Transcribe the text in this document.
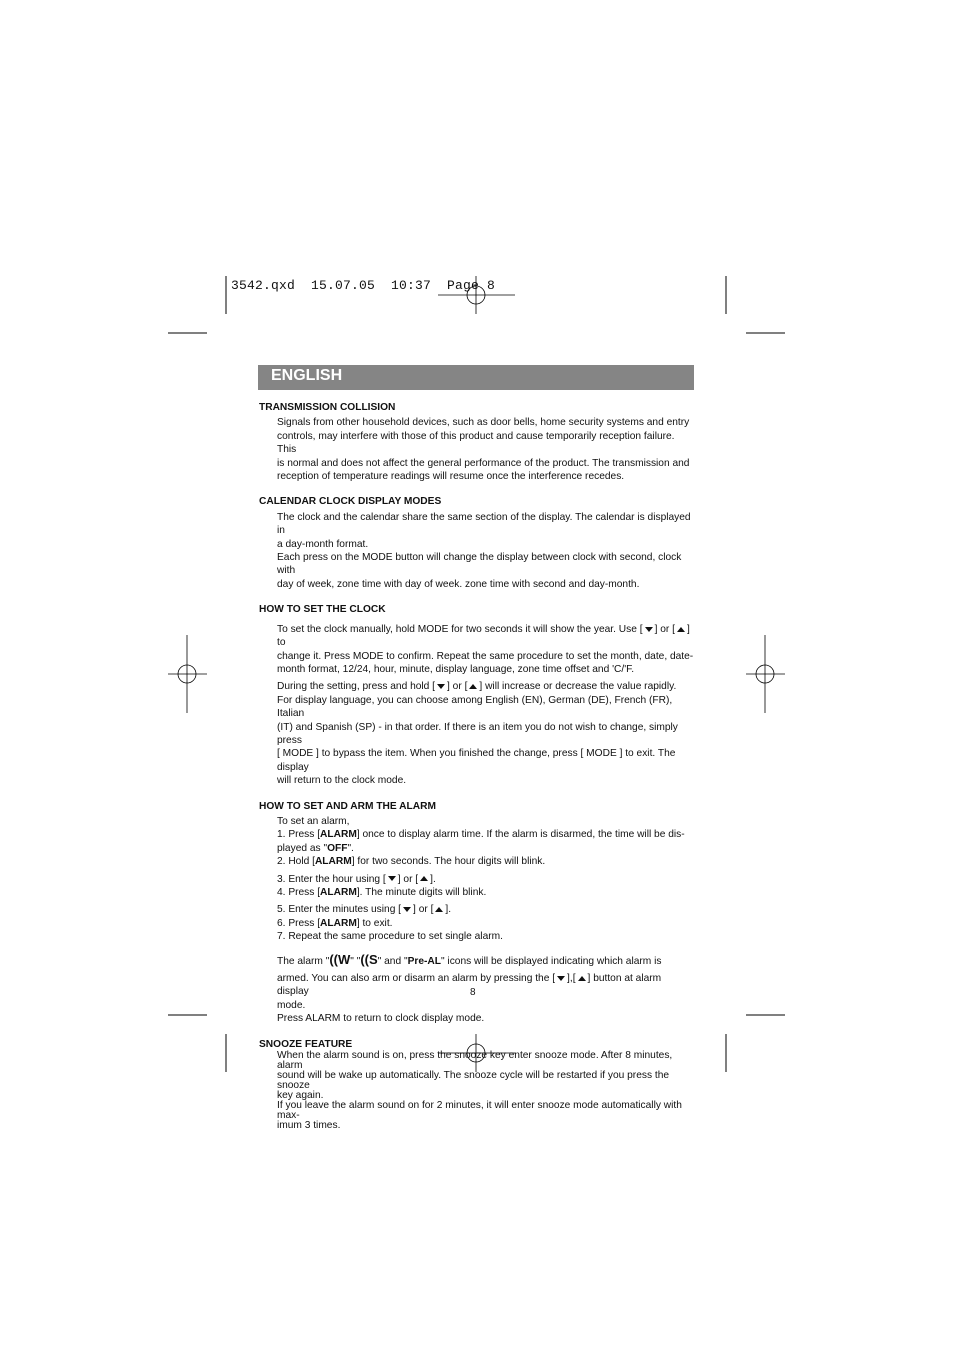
3542.qxd  15.07.05  10:37  Page 8
ENGLISH
TRANSMISSION COLLISION
Signals from other household devices, such as door bells, home security systems and entry
controls, may interfere with those of this product and cause temporarily reception failure. This
is normal and does not affect the general performance of the product. The transmission and
reception of temperature readings will resume once the interference recedes.
CALENDAR CLOCK DISPLAY MODES
The clock and the calendar share the same section of the display. The calendar is displayed in
a day-month format.
Each press on the MODE button will change the display between clock with second, clock with
day of week, zone time with day of week. zone time with second and day-month.
HOW TO SET THE CLOCK
To set the clock manually, hold MODE for two seconds it will show the year. Use [ ] or [ ] to
change it. Press MODE to confirm. Repeat the same procedure to set the month, date, date-
month format, 12/24, hour, minute, display language, zone time offset and 'C/'F.
During the setting, press and hold [ ] or [ ] will increase or decrease the value rapidly.
For display language, you can choose among English (EN), German (DE), French (FR), Italian
(IT) and Spanish (SP) - in that order. If there is an item you do not wish to change, simply press
[ MODE ] to bypass the item. When you finished the change, press [ MODE ] to exit. The display
will return to the clock mode.
HOW TO SET AND ARM THE ALARM
To set an alarm,
1. Press [ALARM] once to display alarm time. If the alarm is disarmed, the time will be dis-
played as "OFF".
2. Hold [ALARM] for two seconds. The hour digits will blink.
3. Enter the hour using [ ] or [ ].
4. Press [ALARM]. The minute digits will blink.
5. Enter the minutes using [ ] or [ ].
6. Press [ALARM] to exit.
7. Repeat the same procedure to set single alarm.
The alarm "((W" "((S" and "Pre-AL" icons will be displayed indicating which alarm is
armed. You can also arm or disarm an alarm by pressing the [ ],[ ] button at alarm display
mode.
Press ALARM to return to clock display mode.
SNOOZE FEATURE
When the alarm sound is on, press the snooze key enter snooze mode. After 8 minutes, alarm
sound will be wake up automatically. The snooze cycle will be restarted if you press the snooze
key again.
If you leave the alarm sound on for 2 minutes, it will enter snooze mode automatically with max-
imum 3 times.
8
